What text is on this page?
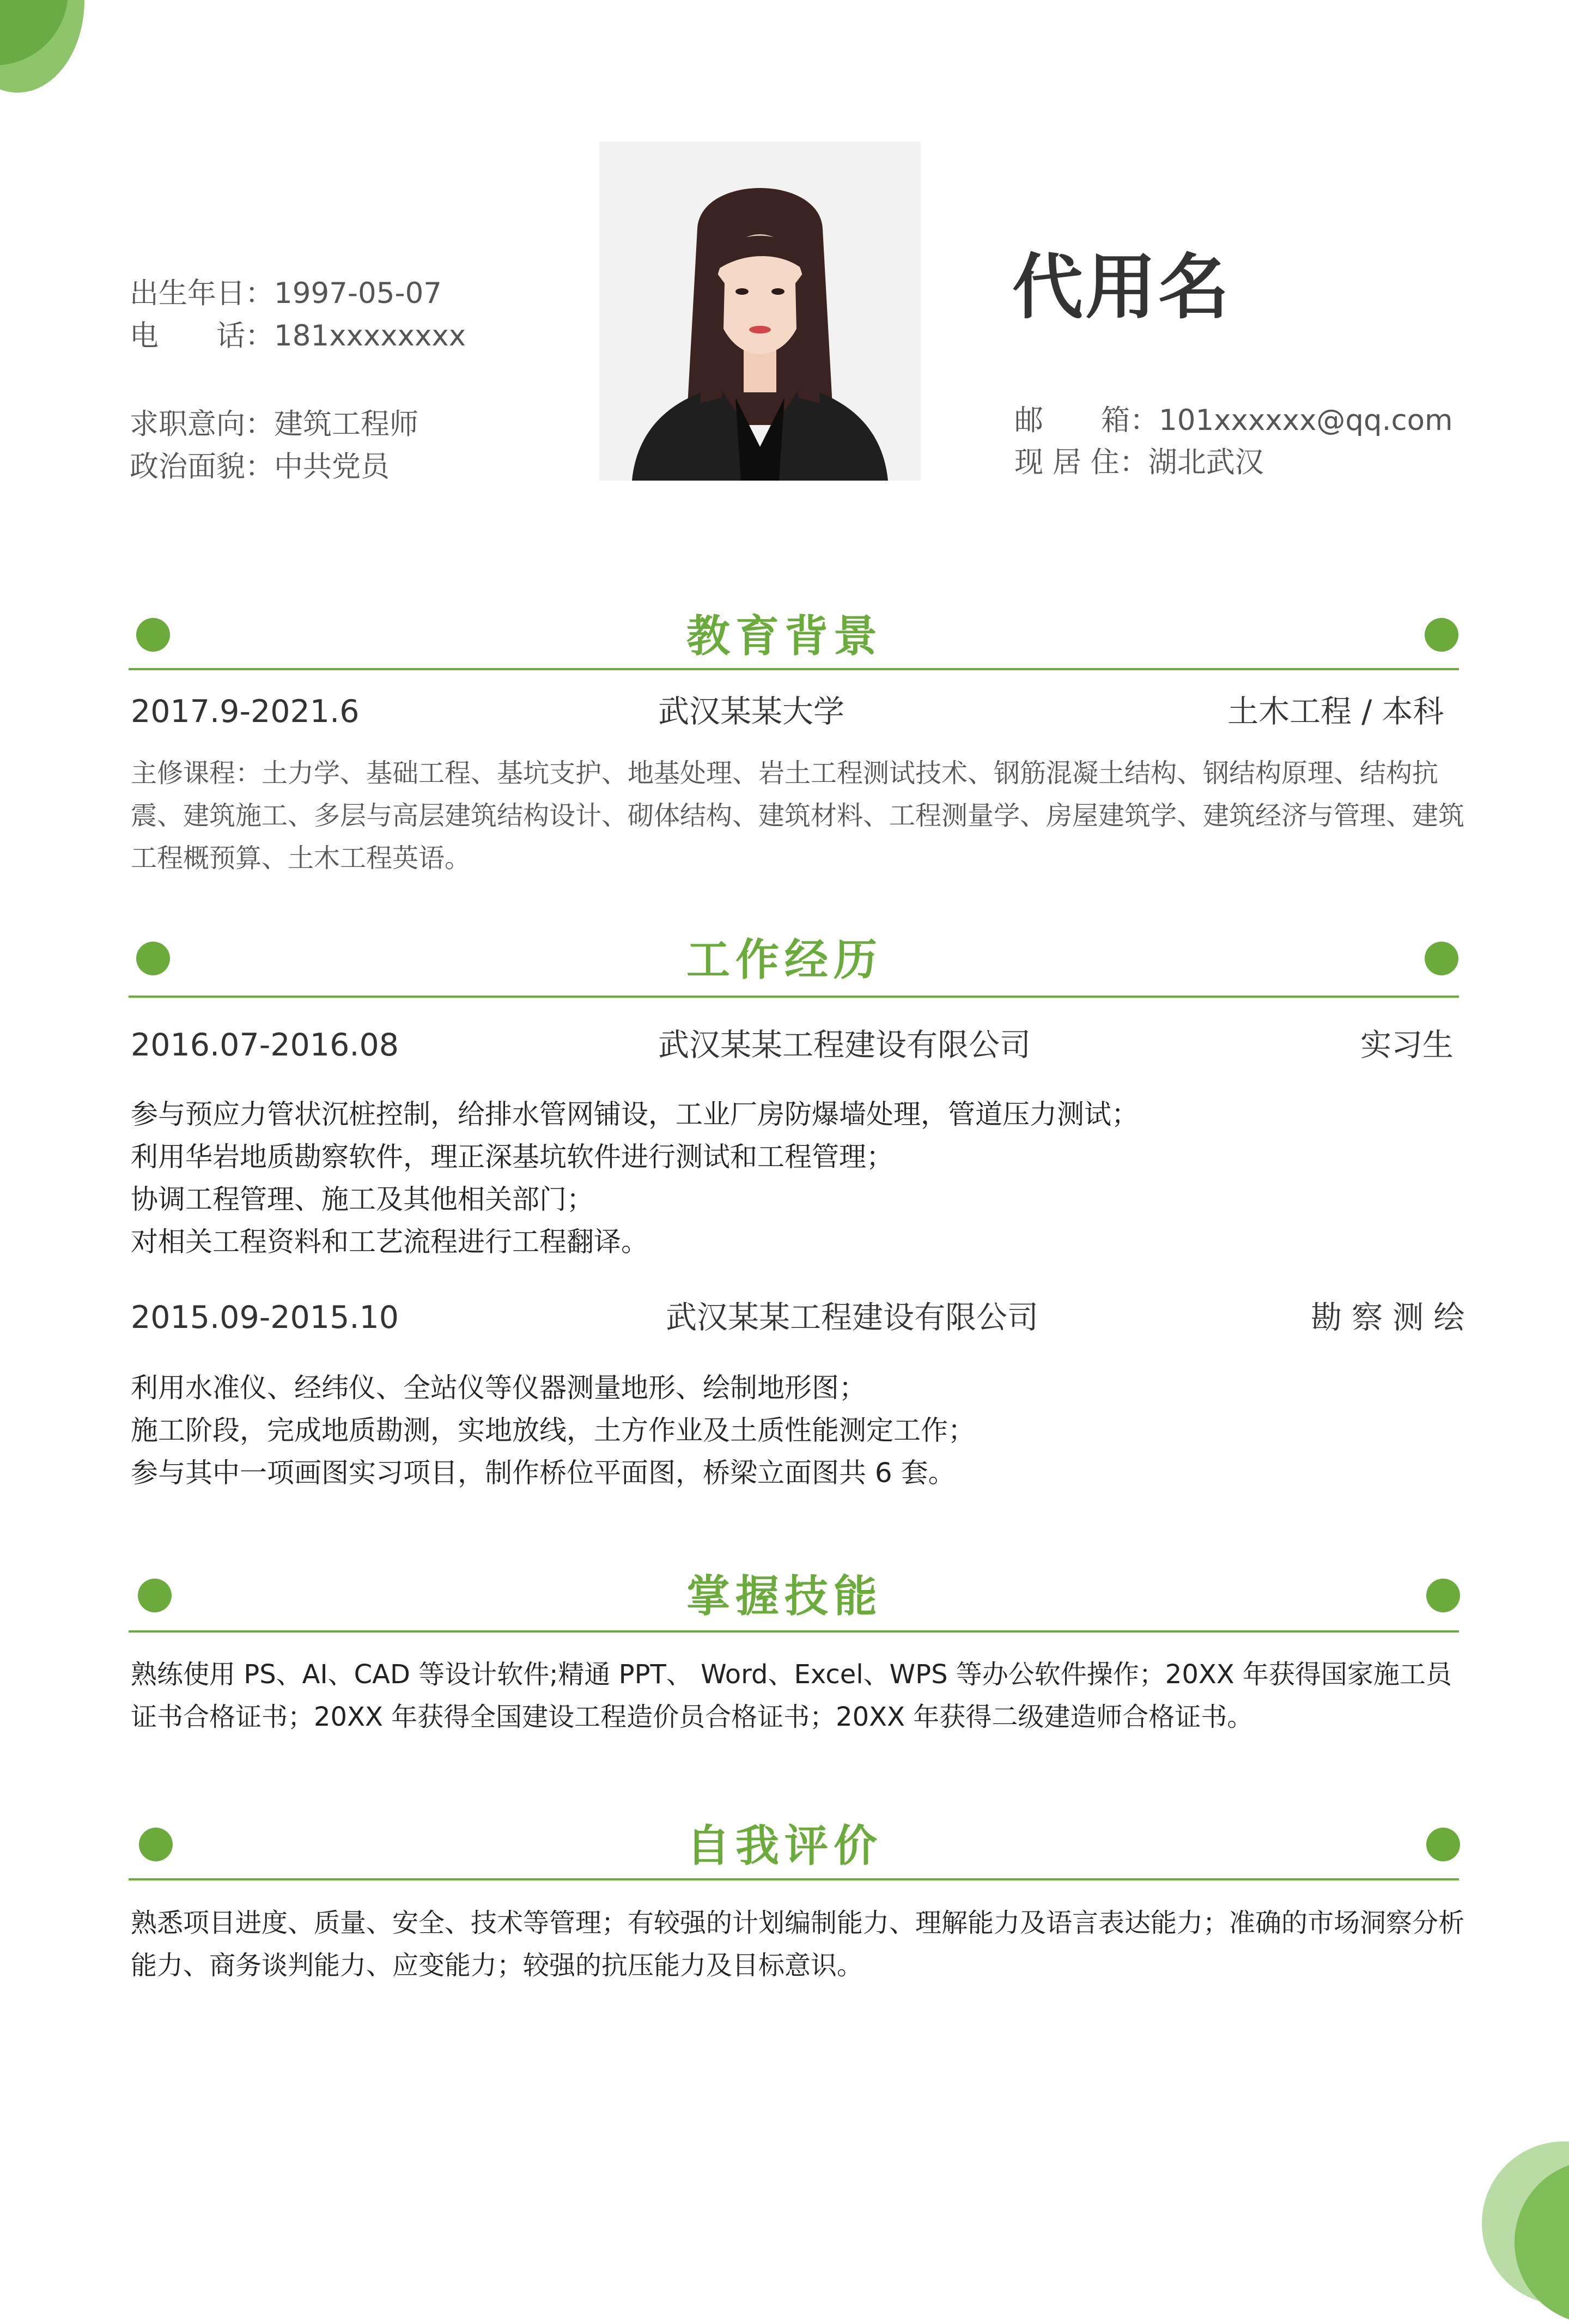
出生年日：1997-05-07
电　　话：181xxxxxxxx
求职意向：建筑工程师
政治面貌：中共党员
代用名
邮　　箱：101xxxxxx@qq.com
现 居 住：湖北武汉
教育背景
2017.9-2021.6	武汉某某大学	土木工程 / 本科
主修课程：土力学、基础工程、基坑支护、地基处理、岩土工程测试技术、钢筋混凝土结构、钢结构原理、结构抗震、建筑施工、多层与高层建筑结构设计、砌体结构、建筑材料、工程测量学、房屋建筑学、建筑经济与管理、建筑工程概预算、土木工程英语。
工作经历
2016.07-2016.08	武汉某某工程建设有限公司	实习生
参与预应力管状沉桩控制，给排水管网铺设，工业厂房防爆墙处理，管道压力测试；
利用华岩地质勘察软件，理正深基坑软件进行测试和工程管理；
协调工程管理、施工及其他相关部门；
对相关工程资料和工艺流程进行工程翻译。
2015.09-2015.10	武汉某某工程建设有限公司	勘 察 测 绘
利用水准仪、经纬仪、全站仪等仪器测量地形、绘制地形图；
施工阶段，完成地质勘测，实地放线，土方作业及土质性能测定工作；
参与其中一项画图实习项目，制作桥位平面图，桥梁立面图共 6 套。
掌握技能
熟练使用 PS、AI、CAD 等设计软件;精通 PPT、 Word、Excel、WPS 等办公软件操作；20XX 年获得国家施工员证书合格证书；20XX 年获得全国建设工程造价员合格证书；20XX 年获得二级建造师合格证书。
自我评价
熟悉项目进度、质量、安全、技术等管理；有较强的计划编制能力、理解能力及语言表达能力；准确的市场洞察分析能力、商务谈判能力、应变能力；较强的抗压能力及目标意识。
